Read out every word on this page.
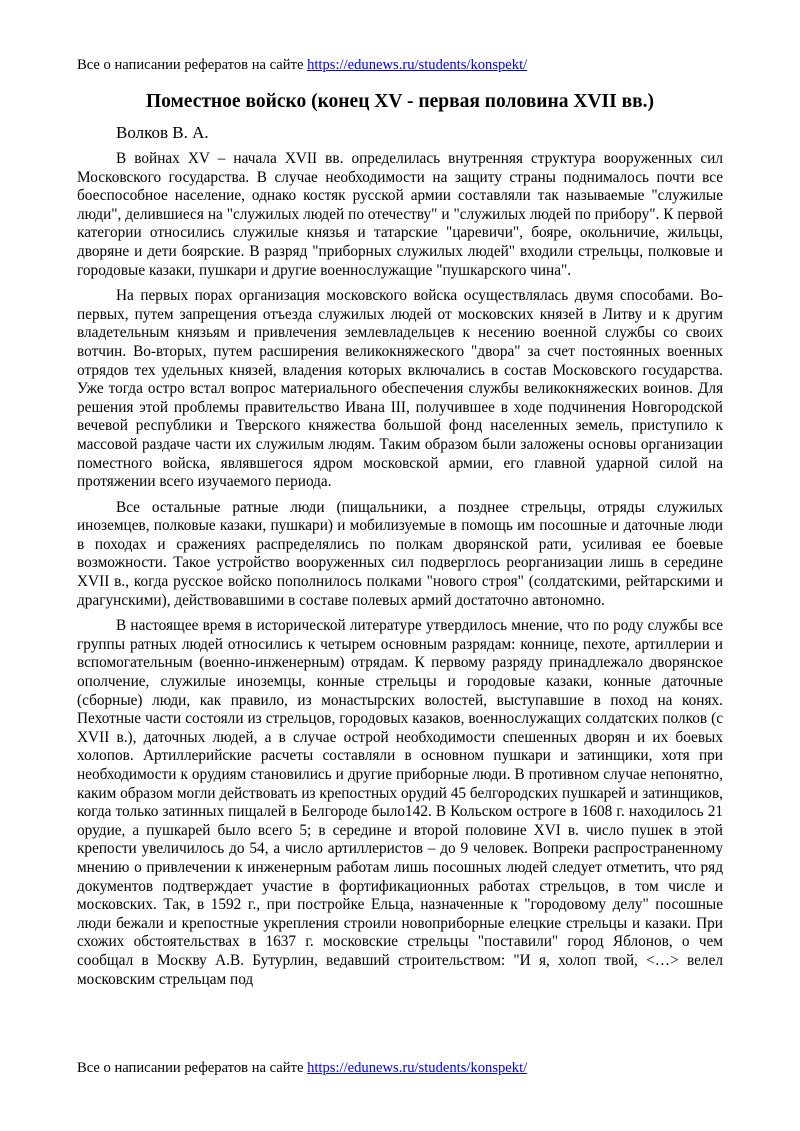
Все о написании рефератов на сайте https://edunews.ru/students/konspekt/
Поместное войско (конец XV - первая половина XVII вв.)
Волков В. А.

В войнах XV – начала XVII вв. определилась внутренняя структура вооруженных сил Московского государства. В случае необходимости на защиту страны поднималось почти все боеспособное население, однако костяк русской армии составляли так называемые "служилые люди", делившиеся на "служилых людей по отечеству" и "служилых людей по прибору". К первой категории относились служилые князья и татарские "царевичи", бояре, окольничие, жильцы, дворяне и дети боярские. В разряд "приборных служилых людей" входили стрельцы, полковые и городовые казаки, пушкари и другие военнослужащие "пушкарского чина".

На первых порах организация московского войска осуществлялась двумя способами. Во-первых, путем запрещения отъезда служилых людей от московских князей в Литву и к другим владетельным князьям и привлечения землевладельцев к несению военной службы со своих вотчин. Во-вторых, путем расширения великокняжеского "двора" за счет постоянных военных отрядов тех удельных князей, владения которых включались в состав Московского государства. Уже тогда остро встал вопрос материального обеспечения службы великокняжеских воинов. Для решения этой проблемы правительство Ивана III, получившее в ходе подчинения Новгородской вечевой республики и Тверского княжества большой фонд населенных земель, приступило к массовой раздаче части их служилым людям. Таким образом были заложены основы организации поместного войска, являвшегося ядром московской армии, его главной ударной силой на протяжении всего изучаемого периода.

Все остальные ратные люди (пищальники, а позднее стрельцы, отряды служилых иноземцев, полковые казаки, пушкари) и мобилизуемые в помощь им посошные и даточные люди в походах и сражениях распределялись по полкам дворянской рати, усиливая ее боевые возможности. Такое устройство вооруженных сил подверглось реорганизации лишь в середине XVII в., когда русское войско пополнилось полками "нового строя" (солдатскими, рейтарскими и драгунскими), действовавшими в составе полевых армий достаточно автономно.

В настоящее время в исторической литературе утвердилось мнение, что по роду службы все группы ратных людей относились к четырем основным разрядам: коннице, пехоте, артиллерии и вспомогательным (военно-инженерным) отрядам. К первому разряду принадлежало дворянское ополчение, служилые иноземцы, конные стрельцы и городовые казаки, конные даточные (сборные) люди, как правило, из монастырских волостей, выступавшие в поход на конях. Пехотные части состояли из стрельцов, городовых казаков, военнослужащих солдатских полков (с XVII в.), даточных людей, а в случае острой необходимости спешенных дворян и их боевых холопов. Артиллерийские расчеты составляли в основном пушкари и затинщики, хотя при необходимости к орудиям становились и другие приборные люди. В противном случае непонятно, каким образом могли действовать из крепостных орудий 45 белгородских пушкарей и затинщиков, когда только затинных пищалей в Белгороде было142. В Кольском остроге в 1608 г. находилось 21 орудие, а пушкарей было всего 5; в середине и второй половине XVI в. число пушек в этой крепости увеличилось до 54, а число артиллеристов – до 9 человек. Вопреки распространенному мнению о привлечении к инженерным работам лишь посошных людей следует отметить, что ряд документов подтверждает участие в фортификационных работах стрельцов, в том числе и московских. Так, в 1592 г., при постройке Ельца, назначенные к "городовому делу" посошные люди бежали и крепостные укрепления строили новоприборные елецкие стрельцы и казаки. При схожих обстоятельствах в 1637 г. московские стрельцы "поставили" город Яблонов, о чем сообщал в Москву А.В. Бутурлин, ведавший строительством: "И я, холоп твой, <…> велел московским стрельцам под

Все о написании рефератов на сайте https://edunews.ru/students/konspekt/
